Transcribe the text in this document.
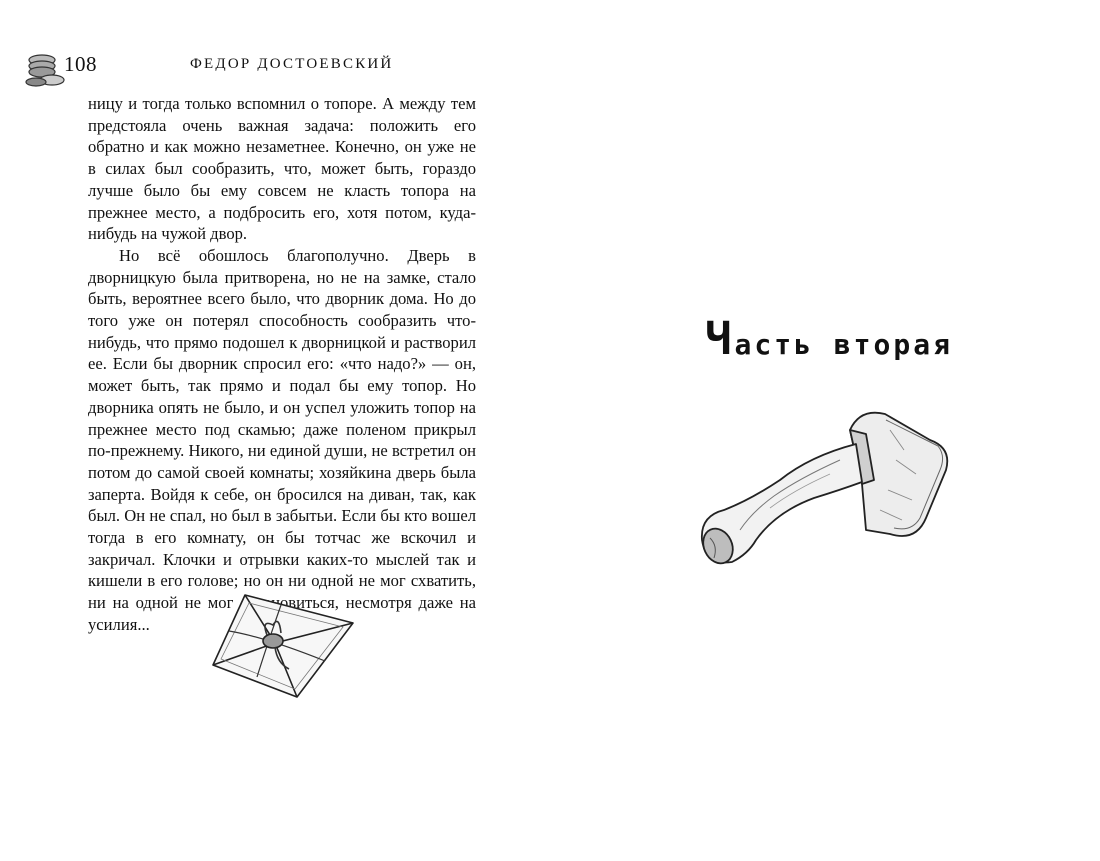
108	ФЕДОР ДОСТОЕВСКИЙ

ницу и тогда только вспомнил о топоре. А между тем предстояла очень важная задача: положить его обратно и как можно незаметнее. Конечно, он уже не в силах был сообразить, что, может быть, гораздо лучше было бы ему совсем не класть топора на прежнее место, а подбросить его, хотя потом, куда-нибудь на чужой двор.

Но всё обошлось благополучно. Дверь в дворницкую была притворена, но не на замке, стало быть, вероятнее всего было, что дворник дома. Но до того уже он потерял способность сообразить что-нибудь, что прямо подошел к дворницкой и растворил ее. Если бы дворник спросил его: «что надо?» — он, может быть, так прямо и подал бы ему топор. Но дворника опять не было, и он успел уложить топор на прежнее место под скамью; даже поленом прикрыл по-прежнему. Никого, ни единой души, не встретил он потом до самой своей комнаты; хозяйкина дверь была заперта. Войдя к себе, он бросился на диван, так, как был. Он не спал, но был в забытьи. Если бы кто вошел тогда в его комнату, он бы тотчас же вскочил и закричал. Клочки и отрывки каких-то мыслей так и кишели в его голове; но он ни одной не мог схватить, ни на одной не мог остановиться, несмотря даже на усилия...

Часть вторая
